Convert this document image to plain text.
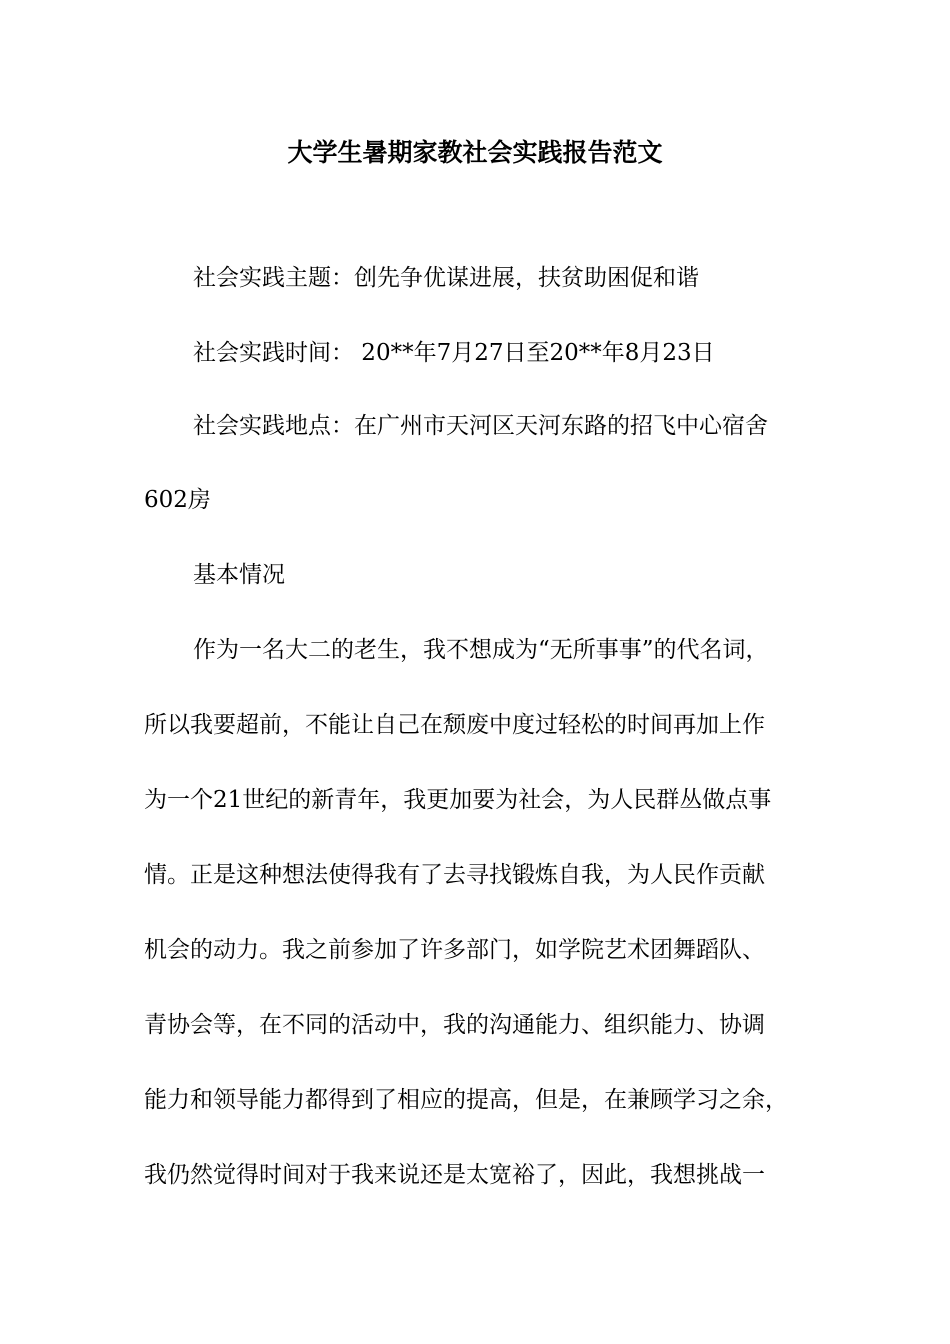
大学生暑期家教社会实践报告范文
社会实践主题：创先争优谋进展，扶贫助困促和谐
社会实践时间： 20**年7月27日至20**年8月23日
社会实践地点：在广州市天河区天河东路的招飞中心宿舍
602房
基本情况
作为一名大二的老生，我不想成为“无所事事”的代名词，
所以我要超前，不能让自己在颓废中度过轻松的时间再加上作
为一个21世纪的新青年，我更加要为社会，为人民群丛做点事
情。正是这种想法使得我有了去寻找锻炼自我，为人民作贡献
机会的动力。我之前参加了许多部门，如学院艺术团舞蹈队、
青协会等，在不同的活动中，我的沟通能力、组织能力、协调
能力和领导能力都得到了相应的提高，但是，在兼顾学习之余，
我仍然觉得时间对于我来说还是太宽裕了，因此，我想挑战一
